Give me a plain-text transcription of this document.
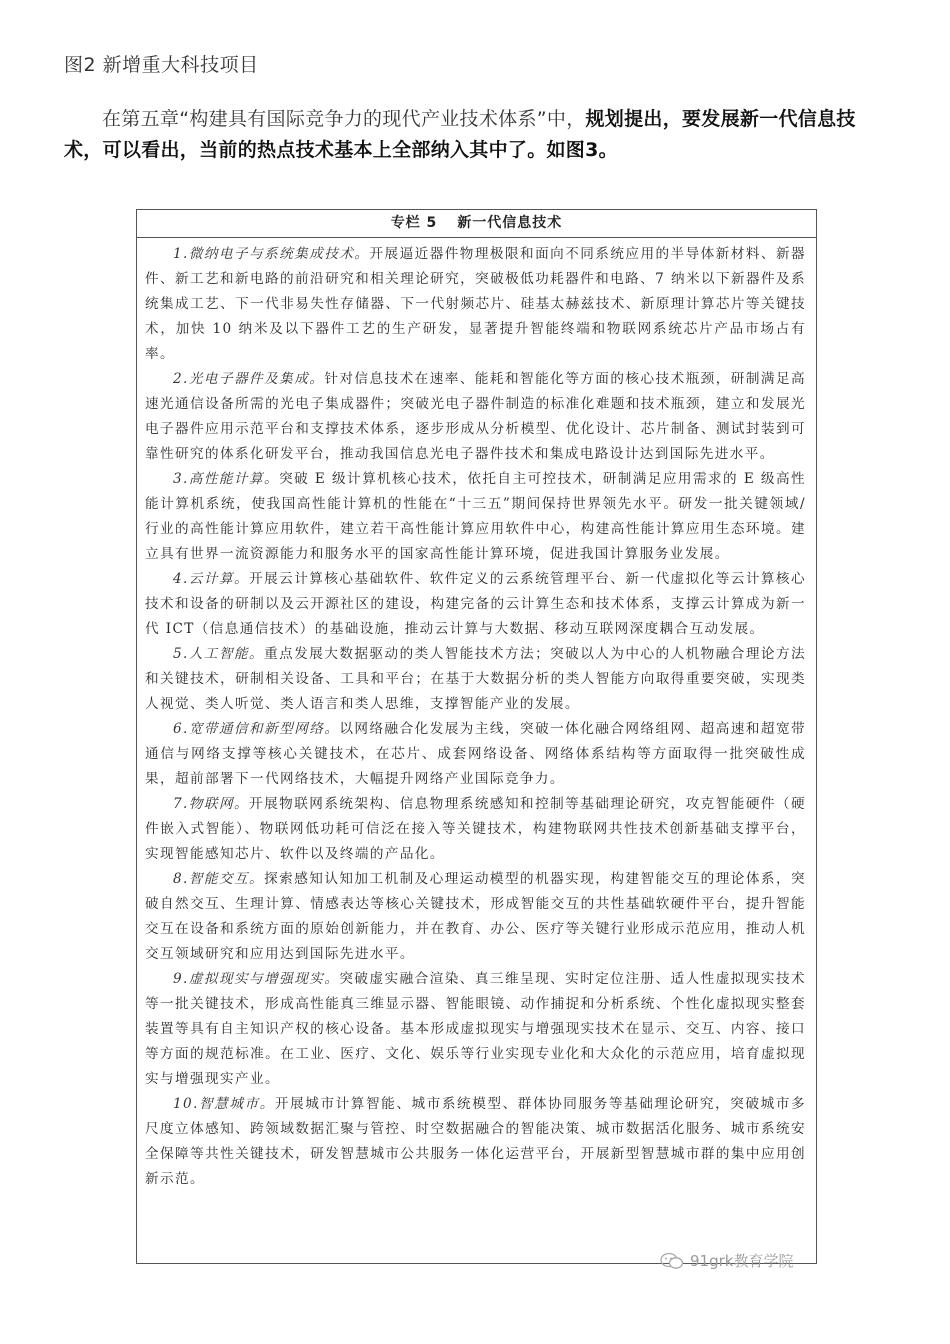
图2 新增重大科技项目
在第五章“构建具有国际竞争力的现代产业技术体系”中，规划提出，要发展新一代信息技术，可以看出，当前的热点技术基本上全部纳入其中了。如图3。
专栏 5 新一代信息技术
1.微纳电子与系统集成技术。开展逼近器件物理极限和面向不同系统应用的半导体新材料、新器件、新工艺和新电路的前沿研究和相关理论研究，突破极低功耗器件和电路、7 纳米以下新器件及系统集成工艺、下一代非易失性存储器、下一代射频芯片、硅基太赫兹技术、新原理计算芯片等关键技术，加快 10 纳米及以下器件工艺的生产研发，显著提升智能终端和物联网系统芯片产品市场占有率。
2.光电子器件及集成。针对信息技术在速率、能耗和智能化等方面的核心技术瓶颈，研制满足高速光通信设备所需的光电子集成器件；突破光电子器件制造的标准化难题和技术瓶颈，建立和发展光电子器件应用示范平台和支撑技术体系，逐步形成从分析模型、优化设计、芯片制备、测试封装到可靠性研究的体系化研发平台，推动我国信息光电子器件技术和集成电路设计达到国际先进水平。
3.高性能计算。突破 E 级计算机核心技术，依托自主可控技术，研制满足应用需求的 E 级高性能计算机系统，使我国高性能计算机的性能在“十三五”期间保持世界领先水平。研发一批关键领域/行业的高性能计算应用软件，建立若干高性能计算应用软件中心，构建高性能计算应用生态环境。建立具有世界一流资源能力和服务水平的国家高性能计算环境，促进我国计算服务业发展。
4.云计算。开展云计算核心基础软件、软件定义的云系统管理平台、新一代虚拟化等云计算核心技术和设备的研制以及云开源社区的建设，构建完备的云计算生态和技术体系，支撑云计算成为新一代 ICT（信息通信技术）的基础设施，推动云计算与大数据、移动互联网深度耦合互动发展。
5.人工智能。重点发展大数据驱动的类人智能技术方法；突破以人为中心的人机物融合理论方法和关键技术，研制相关设备、工具和平台；在基于大数据分析的类人智能方向取得重要突破，实现类人视觉、类人听觉、类人语言和类人思维，支撑智能产业的发展。
6.宽带通信和新型网络。以网络融合化发展为主线，突破一体化融合网络组网、超高速和超宽带通信与网络支撑等核心关键技术，在芯片、成套网络设备、网络体系结构等方面取得一批突破性成果，超前部署下一代网络技术，大幅提升网络产业国际竞争力。
7.物联网。开展物联网系统架构、信息物理系统感知和控制等基础理论研究，攻克智能硬件（硬件嵌入式智能）、物联网低功耗可信泛在接入等关键技术，构建物联网共性技术创新基础支撑平台，实现智能感知芯片、软件以及终端的产品化。
8.智能交互。探索感知认知加工机制及心理运动模型的机器实现，构建智能交互的理论体系，突破自然交互、生理计算、情感表达等核心关键技术，形成智能交互的共性基础软硬件平台，提升智能交互在设备和系统方面的原始创新能力，并在教育、办公、医疗等关键行业形成示范应用，推动人机交互领域研究和应用达到国际先进水平。
9.虚拟现实与增强现实。突破虚实融合渲染、真三维呈现、实时定位注册、适人性虚拟现实技术等一批关键技术，形成高性能真三维显示器、智能眼镜、动作捕捉和分析系统、个性化虚拟现实整套装置等具有自主知识产权的核心设备。基本形成虚拟现实与增强现实技术在显示、交互、内容、接口等方面的规范标准。在工业、医疗、文化、娱乐等行业实现专业化和大众化的示范应用，培育虚拟现实与增强现实产业。
10.智慧城市。开展城市计算智能、城市系统模型、群体协同服务等基础理论研究，突破城市多尺度立体感知、跨领域数据汇聚与管控、时空数据融合的智能决策、城市数据活化服务、城市系统安全保障等共性关键技术，研发智慧城市公共服务一体化运营平台，开展新型智慧城市群的集中应用创新示范。
91grk教育学院
